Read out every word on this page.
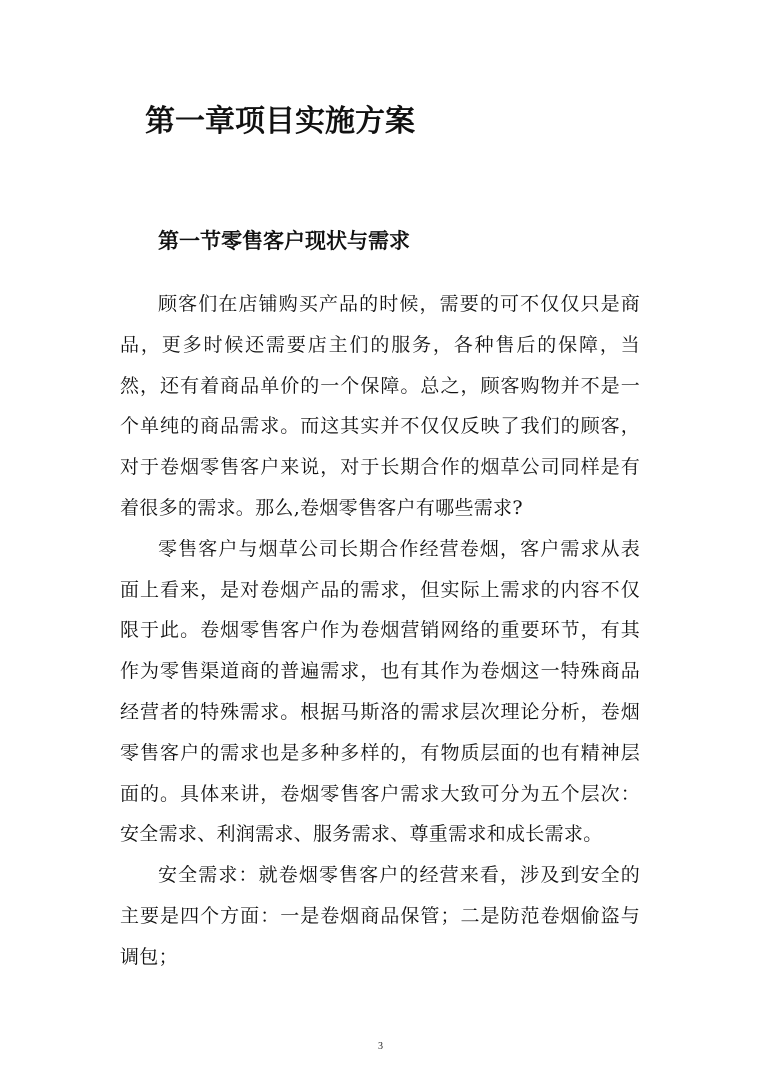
第一章项目实施方案
第一节零售客户现状与需求

顾客们在店铺购买产品的时候，需要的可不仅仅只是商品，更多时候还需要店主们的服务，各种售后的保障，当然，还有着商品单价的一个保障。总之，顾客购物并不是一个单纯的商品需求。而这其实并不仅仅反映了我们的顾客，对于卷烟零售客户来说，对于长期合作的烟草公司同样是有着很多的需求。那么,卷烟零售客户有哪些需求?

零售客户与烟草公司长期合作经营卷烟，客户需求从表面上看来，是对卷烟产品的需求，但实际上需求的内容不仅限于此。卷烟零售客户作为卷烟营销网络的重要环节，有其作为零售渠道商的普遍需求，也有其作为卷烟这一特殊商品经营者的特殊需求。根据马斯洛的需求层次理论分析，卷烟零售客户的需求也是多种多样的，有物质层面的也有精神层面的。具体来讲，卷烟零售客户需求大致可分为五个层次：安全需求、利润需求、服务需求、尊重需求和成长需求。

安全需求：就卷烟零售客户的经营来看，涉及到安全的主要是四个方面：一是卷烟商品保管；二是防范卷烟偷盗与调包；

3
